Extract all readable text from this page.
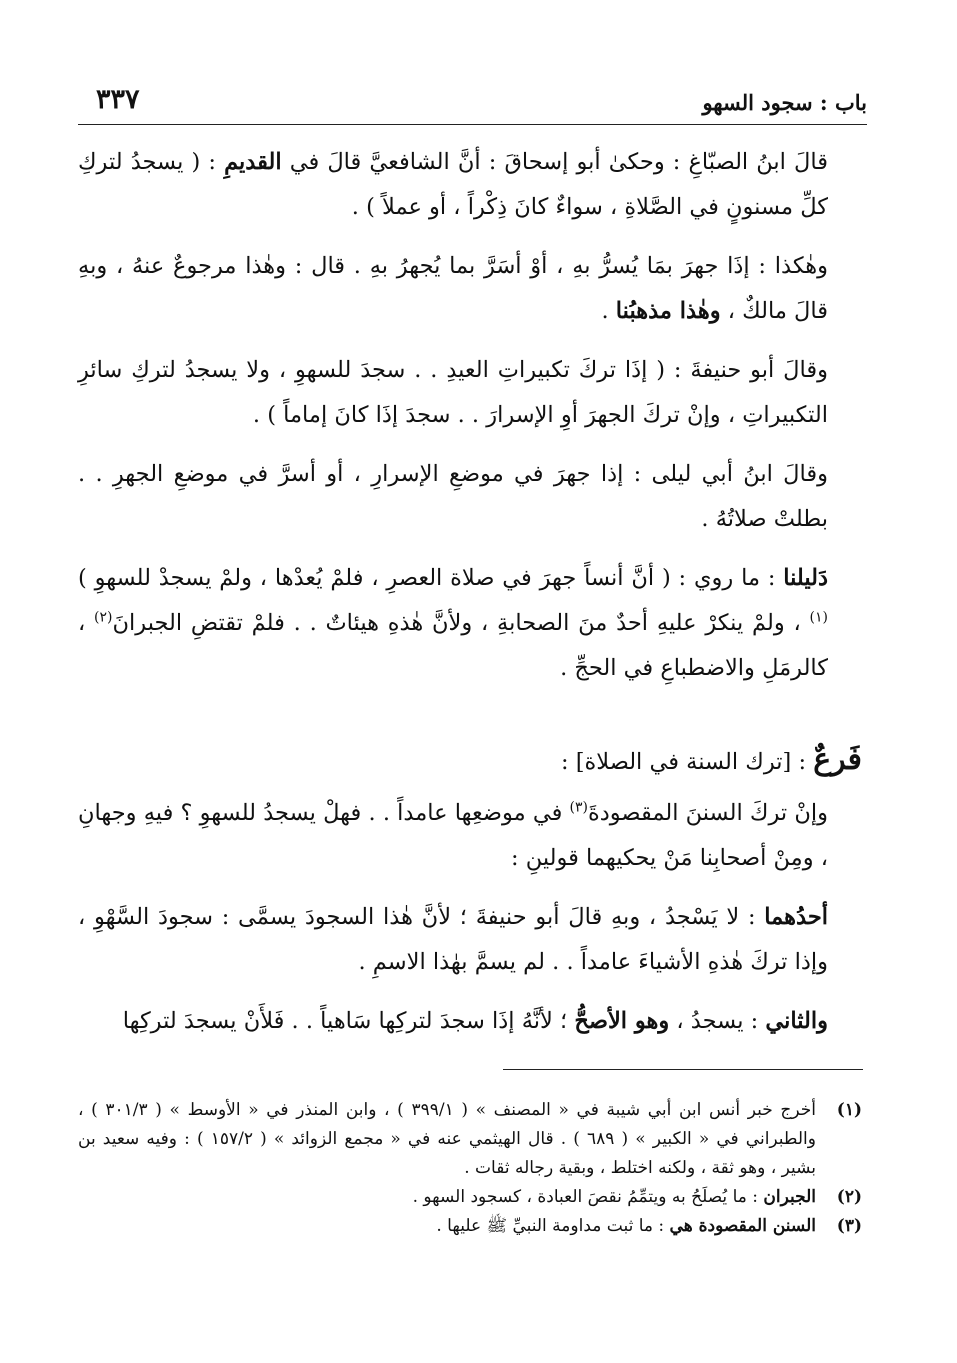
باب : سجود السهو
٣٣٧

قالَ ابنُ الصبّاغِ : وحكىٰ أبو إسحاقَ : أنَّ الشافعيَّ قالَ في القديمِ : ( يسجدُ لتركِ كلِّ مسنونٍ في الصَّلاةِ ، سواءٌ كانَ ذِكْراً ، أو عملاً ) .

وهٰكذا : إذَا جهرَ بمَا يُسرُّ بهِ ، أوْ أسَرَّ بما يُجهرُ بهِ . قال : وهٰذا مرجوعٌ عنهُ ، وبهِ قالَ مالكٌ ، وهٰذا مذهبُنا .

وقالَ أبو حنيفةَ : ( إذَا تركَ تكبيراتِ العيدِ . . سجدَ للسهوِ ، ولا يسجدُ لتركِ سائرِ التكبيراتِ ، وإنْ تركَ الجهرَ أوِ الإسرارَ . . سجدَ إذَا كانَ إماماً ) .

وقالَ ابنُ أبي ليلى : إذا جهرَ في موضعِ الإسرارِ ، أو أسرَّ في موضعِ الجهرِ . . بطلتْ صلاتُهُ .

دَليلنا : ما روي : ( أنَّ أنساً جهرَ في صلاة العصرِ ، فلمْ يُعدْها ، ولمْ يسجدْ للسهوِ )$^{(١)}$ ، ولمْ ينكرْ عليهِ أحدٌ منَ الصحابةِ ، ولأنَّ هٰذهِ هيئاتٌ . . فلمْ تقتضِ الجبرانَ$^{(٢)}$ ، كالرمَلِ والاضطباعِ في الحجِّ .

فَرعٌ : [ترك السنة في الصلاة] :

وإنْ تركَ السننَ المقصودةَ$^{(٣)}$ في موضعِها عامداً . . فهلْ يسجدُ للسهوِ ؟ فيهِ وجهانِ ، ومِنْ أصحابِنا مَنْ يحكيهما قولينِ :

أحدُهما : لا يَسْجدُ ، وبهِ قالَ أبو حنيفةَ ؛ لأنَّ هٰذا السجودَ يسمَّى : سجودَ السَّهْوِ ، وإذا تركَ هٰذهِ الأشياءَ عامداً . . لم يسمَّ بهٰذا الاسمِ .

والثاني : يسجدُ ، وهو الأصحُّ ؛ لأنَّهُ إذَا سجدَ لتركِها سَاهياً . . فَلأَنْ يسجدَ لتركِها

(١)
أخرج خبر أنس ابن أبي شيبة في « المصنف » ( ٣٩٩/١ ) ، وابن المنذر في « الأوسط » ( ٣٠١/٣ ) ، والطبراني في « الكبير » ( ٦٨٩ ) . قال الهيثمي عنه في « مجمع الزوائد » ( ١٥٧/٢ ) : وفيه سعيد بن بشير ، وهو ثقة ، ولكنه اختلط ، وبقية رجاله ثقات .
(٢)
الجبران : ما يُصلَحُ به ويتمِّمُ نقصَ العبادة ، كسجود السهو .
(٣)
السنن المقصودة هي : ما ثبت مداومة النبيِّ ﷺ عليها .
